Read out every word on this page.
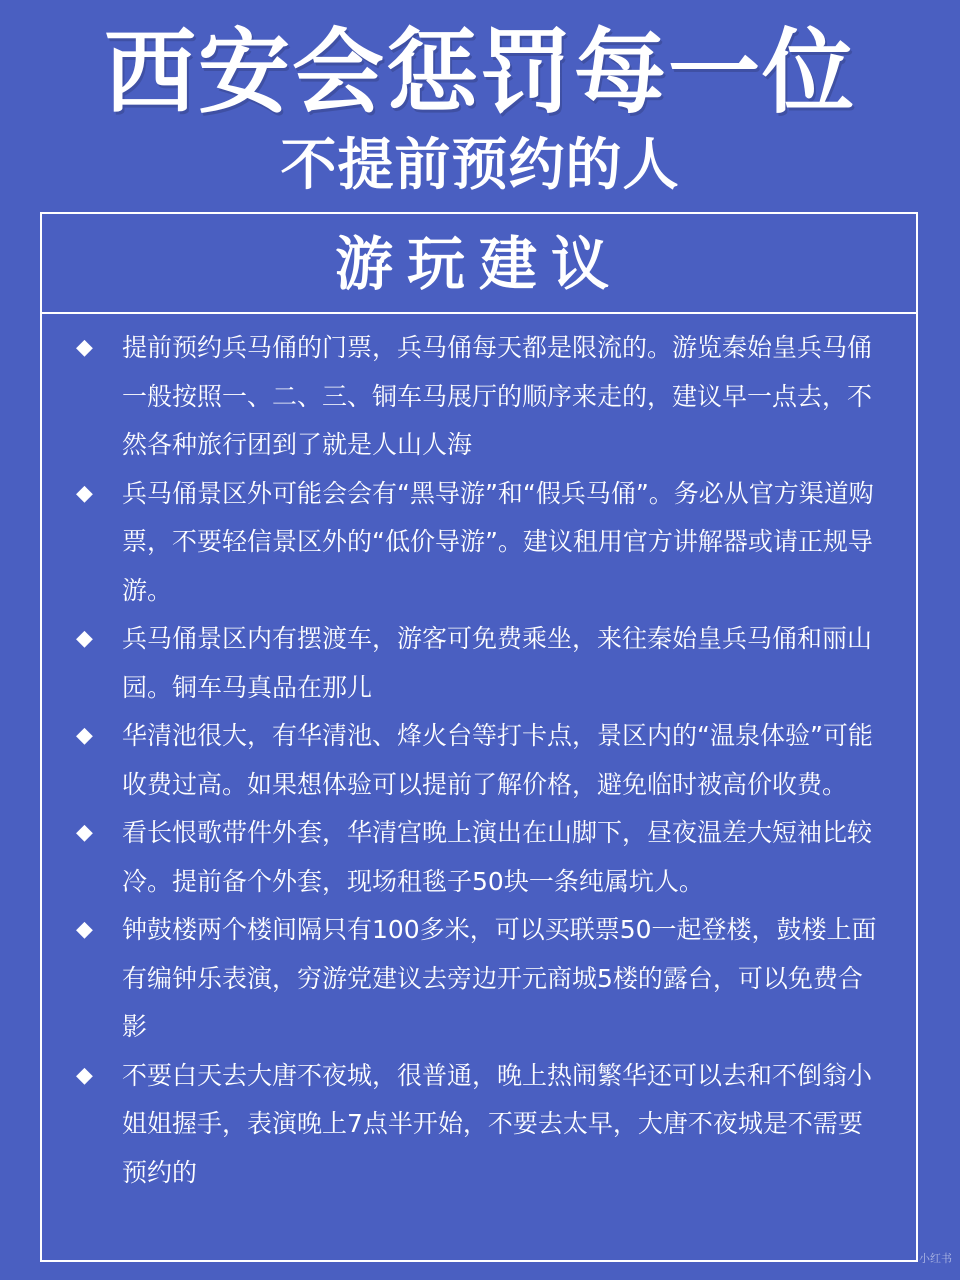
西安会惩罚每一位
不提前预约的人
游玩建议
◆ 提前预约兵马俑的门票，兵马俑每天都是限流的。游览秦始皇兵马俑一般按照一、二、三、铜车马展厅的顺序来走的，建议早一点去，不然各种旅行团到了就是人山人海
◆ 兵马俑景区外可能会会有“黑导游”和“假兵马俑”。务必从官方渠道购票，不要轻信景区外的“低价导游”。建议租用官方讲解器或请正规导游。
◆ 兵马俑景区内有摆渡车，游客可免费乘坐，来往秦始皇兵马俑和丽山园。铜车马真品在那儿
◆ 华清池很大，有华清池、烽火台等打卡点，景区内的“温泉体验”可能收费过高。如果想体验可以提前了解价格，避免临时被高价收费。
◆ 看长恨歌带件外套，华清宫晚上演出在山脚下，昼夜温差大短袖比较冷。提前备个外套，现场租毯子50块一条纯属坑人。
◆ 钟鼓楼两个楼间隔只有100多米，可以买联票50一起登楼，鼓楼上面有编钟乐表演，穷游党建议去旁边开元商城5楼的露台，可以免费合影
◆ 不要白天去大唐不夜城，很普通，晚上热闹繁华还可以去和不倒翁小姐姐握手，表演晚上7点半开始，不要去太早，大唐不夜城是不需要预约的
小红书
